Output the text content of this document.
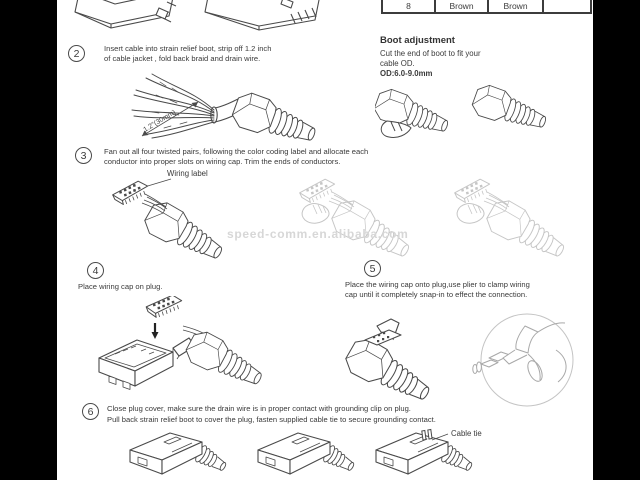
8	Brown	Brown
2	Insert cable into strain relief boot, strip off 1.2 inch
of cable jacket , fold back braid and drain wire.
1.2"(30mm)
Boot adjustment
Cut the end of boot to fit your
cable OD.
OD:6.0-9.0mm
3 Fan out all four twisted pairs, following the color coding label and allocate each
conductor into proper slots on wiring cap. Trim the ends of conductors.
Wiring label
speed-comm.en.alibaba.com
4
Place wiring cap on plug.
5
Place the wiring cap onto plug,use plier to clamp wiring
cap until it completely snap-in to effect the connection.
6 Close plug cover, make sure the drain wire is in proper contact with grounding clip on plug.
Pull back strain relief boot to cover the plug, fasten supplied cable tie to secure grounding contact.
Cable tie
